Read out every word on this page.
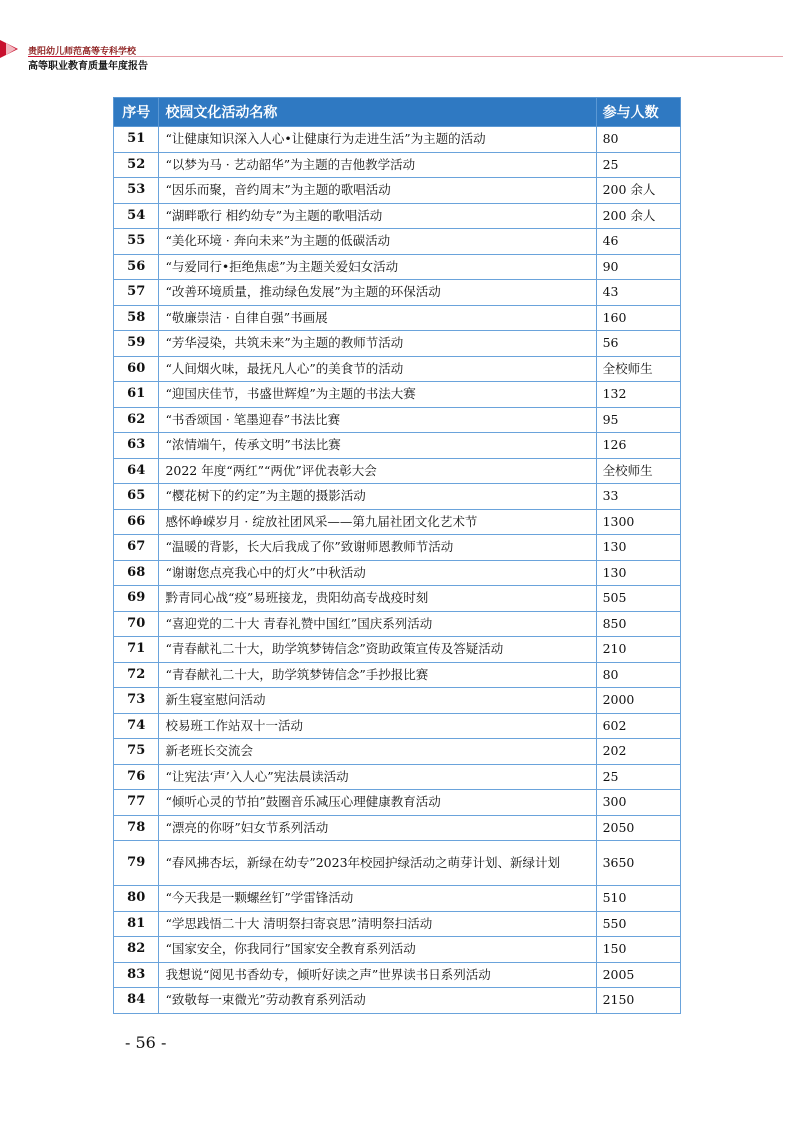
贵阳幼儿师范高等专科学校
高等职业教育质量年度报告
序号	校园文化活动名称	参与人数
51	“让健康知识深入人心•让健康行为走进生活”为主题的活动	80
52	“以梦为马 · 艺动韶华”为主题的吉他教学活动	25
53	“因乐而聚，音约周末”为主题的歌唱活动	200 余人
54	“湖畔歌行 相约幼专”为主题的歌唱活动	200 余人
55	“美化环境 · 奔向未来”为主题的低碳活动	46
56	“与爱同行•拒绝焦虑”为主题关爱妇女活动	90
57	“改善环境质量，推动绿色发展”为主题的环保活动	43
58	“敬廉崇洁 · 自律自强”书画展	160
59	“芳华浸染，共筑未来”为主题的教师节活动	56
60	“人间烟火味，最抚凡人心”的美食节的活动	全校师生
61	“迎国庆佳节，书盛世辉煌”为主题的书法大赛	132
62	“书香颂国 · 笔墨迎春”书法比赛	95
63	“浓情端午，传承文明”书法比赛	126
64	2022 年度“两红”“两优”评优表彰大会	全校师生
65	“樱花树下的约定”为主题的摄影活动	33
66	感怀峥嵘岁月 · 绽放社团风采——第九届社团文化艺术节	1300
67	“温暖的背影，长大后我成了你”致谢师恩教师节活动	130
68	“谢谢您点亮我心中的灯火”中秋活动	130
69	黔青同心战“疫”易班接龙，贵阳幼高专战疫时刻	505
70	“喜迎党的二十大 青春礼赞中国红”国庆系列活动	850
71	“青春献礼二十大，助学筑梦铸信念”资助政策宣传及答疑活动	210
72	“青春献礼二十大，助学筑梦铸信念”手抄报比赛	80
73	新生寝室慰问活动	2000
74	校易班工作站双十一活动	602
75	新老班长交流会	202
76	“让宪法‘声’入人心”宪法晨读活动	25
77	“倾听心灵的节拍”鼓圈音乐减压心理健康教育活动	300
78	“漂亮的你呀”妇女节系列活动	2050
79	“春风拂杏坛，新绿在幼专”2023年校园护绿活动之萌芽计划、新绿计划	3650
80	“今天我是一颗螺丝钉”学雷锋活动	510
81	“学思践悟二十大 清明祭扫寄哀思”清明祭扫活动	550
82	“国家安全，你我同行”国家安全教育系列活动	150
83	我想说“阅见书香幼专，倾听好读之声”世界读书日系列活动	2005
84	“致敬每一束微光”劳动教育系列活动	2150
- 56 -
